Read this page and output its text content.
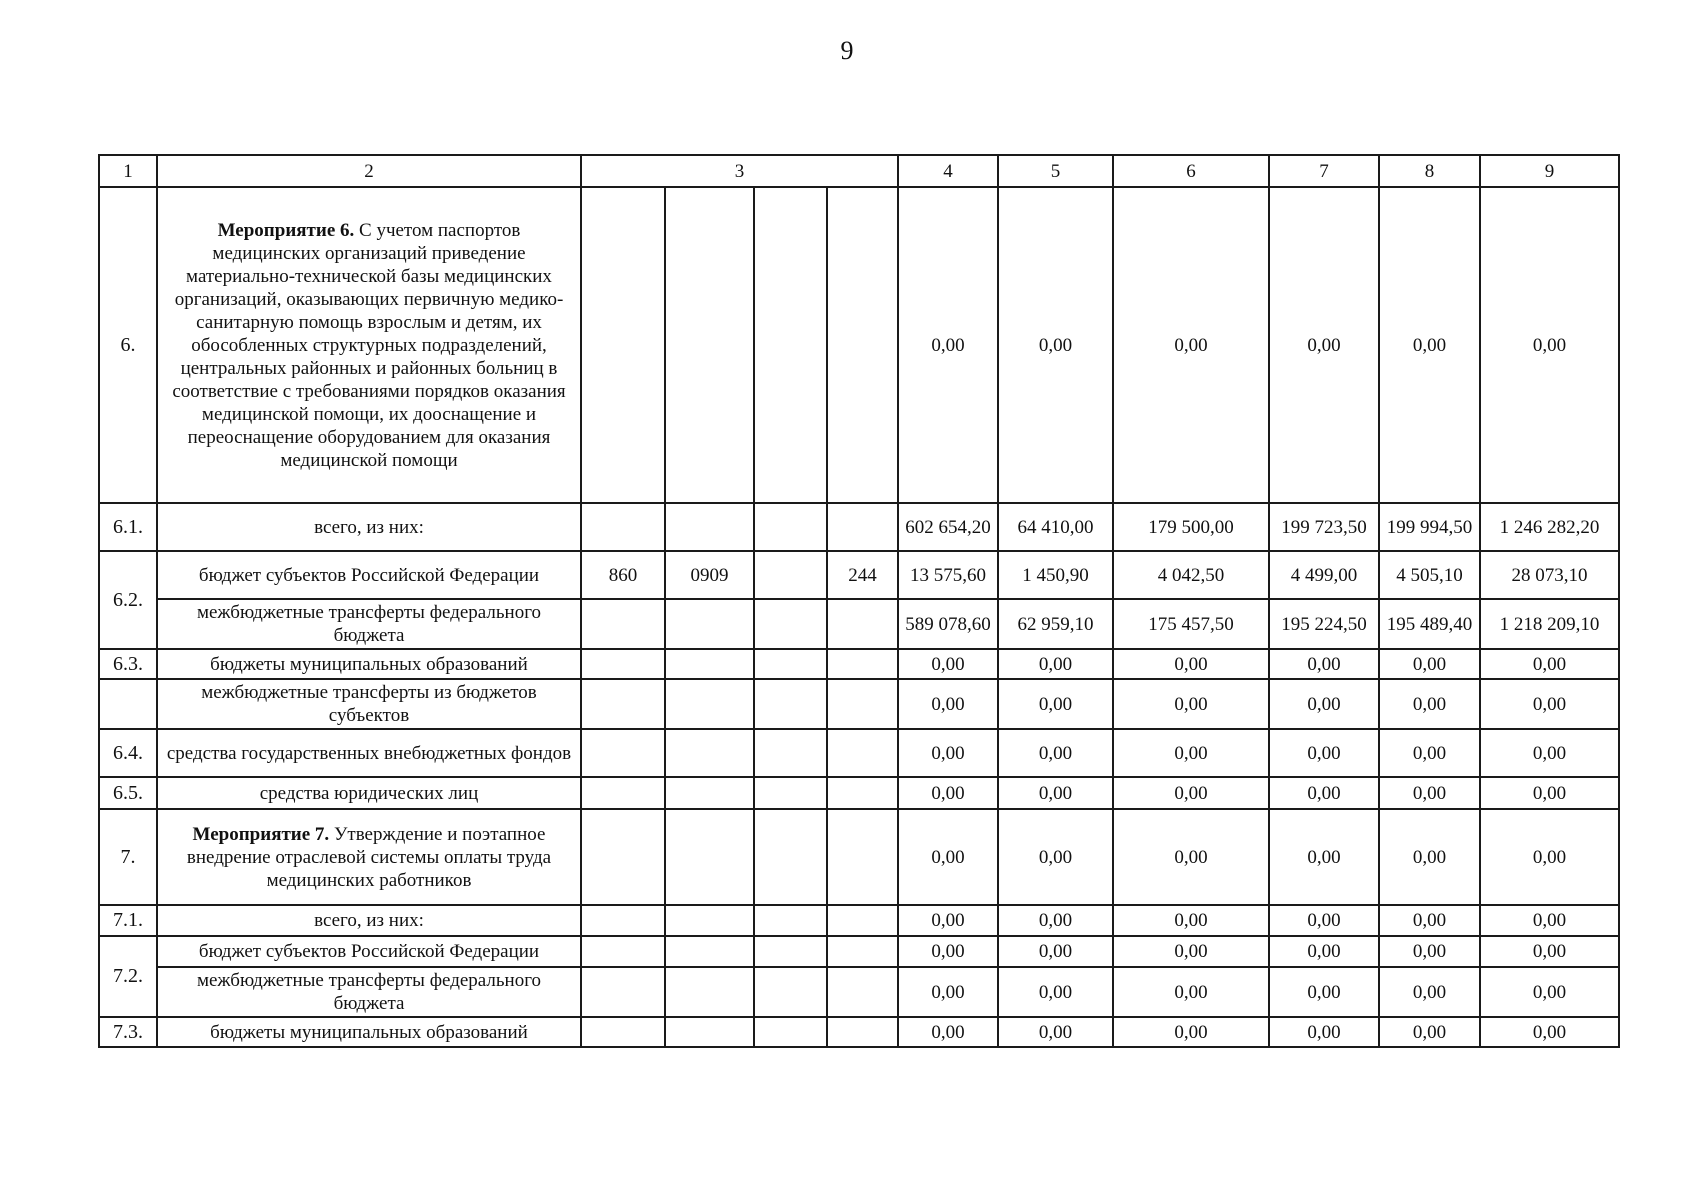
9
1	2	3				4	5	6	7	8	9
6.	Мероприятие 6. С учетом паспортов медицинских организаций приведение материально-технической базы медицинских организаций, оказывающих первичную медико-санитарную помощь взрослым и детям, их обособленных структурных подразделений, центральных районных и районных больниц в соответствие с требованиями порядков оказания медицинской помощи, их дооснащение и переоснащение оборудованием для оказания медицинской помощи					0,00	0,00	0,00	0,00	0,00	0,00
6.1.	всего, из них:					602 654,20	64 410,00	179 500,00	199 723,50	199 994,50	1 246 282,20
6.2.	бюджет субъектов Российской Федерации	860	0909		244	13 575,60	1 450,90	4 042,50	4 499,00	4 505,10	28 073,10
	межбюджетные трансферты федерального бюджета					589 078,60	62 959,10	175 457,50	195 224,50	195 489,40	1 218 209,10
6.3.	бюджеты муниципальных образований					0,00	0,00	0,00	0,00	0,00	0,00
	межбюджетные трансферты из бюджетов субъектов					0,00	0,00	0,00	0,00	0,00	0,00
6.4.	средства государственных внебюджетных фондов					0,00	0,00	0,00	0,00	0,00	0,00
6.5.	средства юридических лиц					0,00	0,00	0,00	0,00	0,00	0,00
7.	Мероприятие 7. Утверждение и поэтапное внедрение отраслевой системы оплаты труда медицинских работников					0,00	0,00	0,00	0,00	0,00	0,00
7.1.	всего, из них:					0,00	0,00	0,00	0,00	0,00	0,00
7.2.	бюджет субъектов Российской Федерации					0,00	0,00	0,00	0,00	0,00	0,00
	межбюджетные трансферты федерального бюджета					0,00	0,00	0,00	0,00	0,00	0,00
7.3.	бюджеты муниципальных образований					0,00	0,00	0,00	0,00	0,00	0,00
